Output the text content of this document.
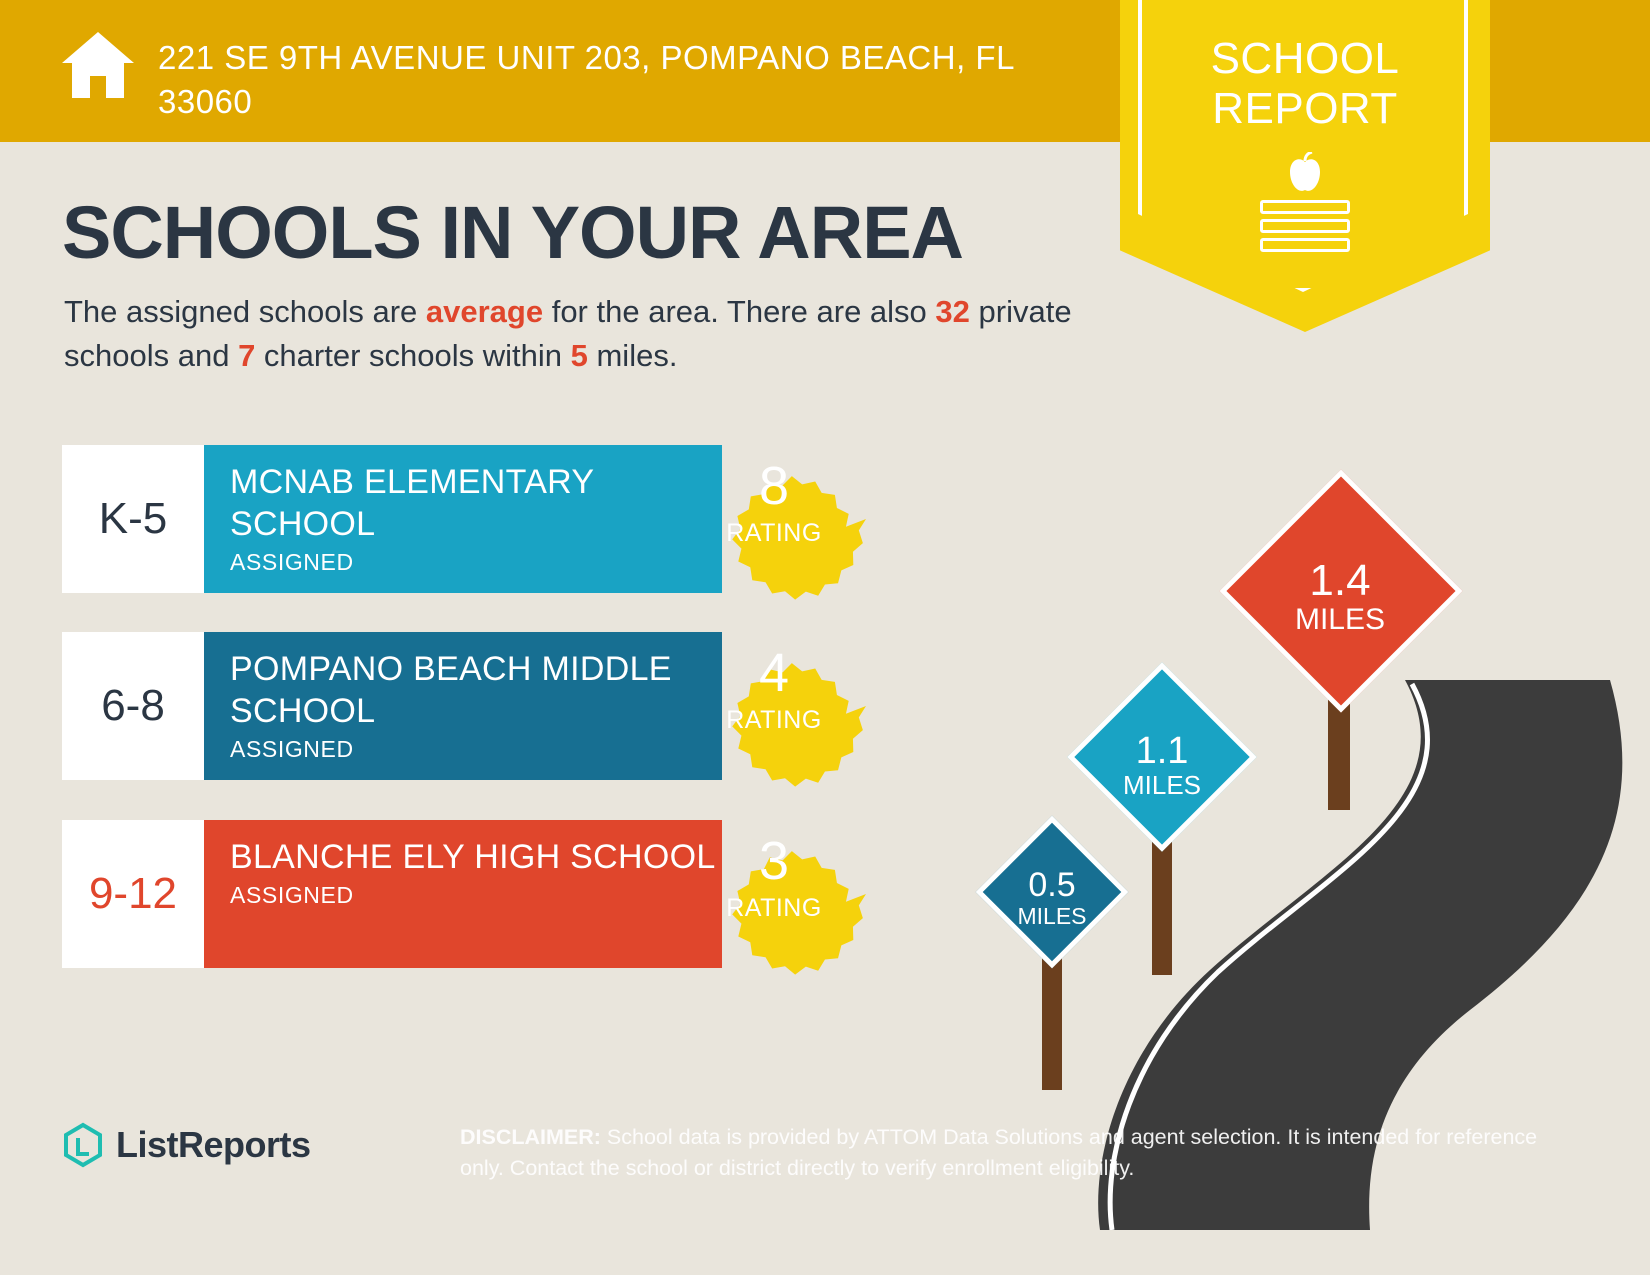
221 SE 9TH AVENUE UNIT 203, POMPANO BEACH, FL 33060
SCHOOL REPORT
SCHOOLS IN YOUR AREA
The assigned schools are average for the area. There are also 32 private schools and 7 charter schools within 5 miles.
K-5
MCNAB ELEMENTARY SCHOOL
ASSIGNED
8
RATING
6-8
POMPANO BEACH MIDDLE SCHOOL
ASSIGNED
4
RATING
9-12
BLANCHE ELY HIGH SCHOOL
ASSIGNED
3
RATING
1.4
MILES
1.1
MILES
0.5
MILES
ListReports	DISCLAIMER: School data is provided by ATTOM Data Solutions and agent selection. It is intended for reference only. Contact the school or district directly to verify enrollment eligibility.
